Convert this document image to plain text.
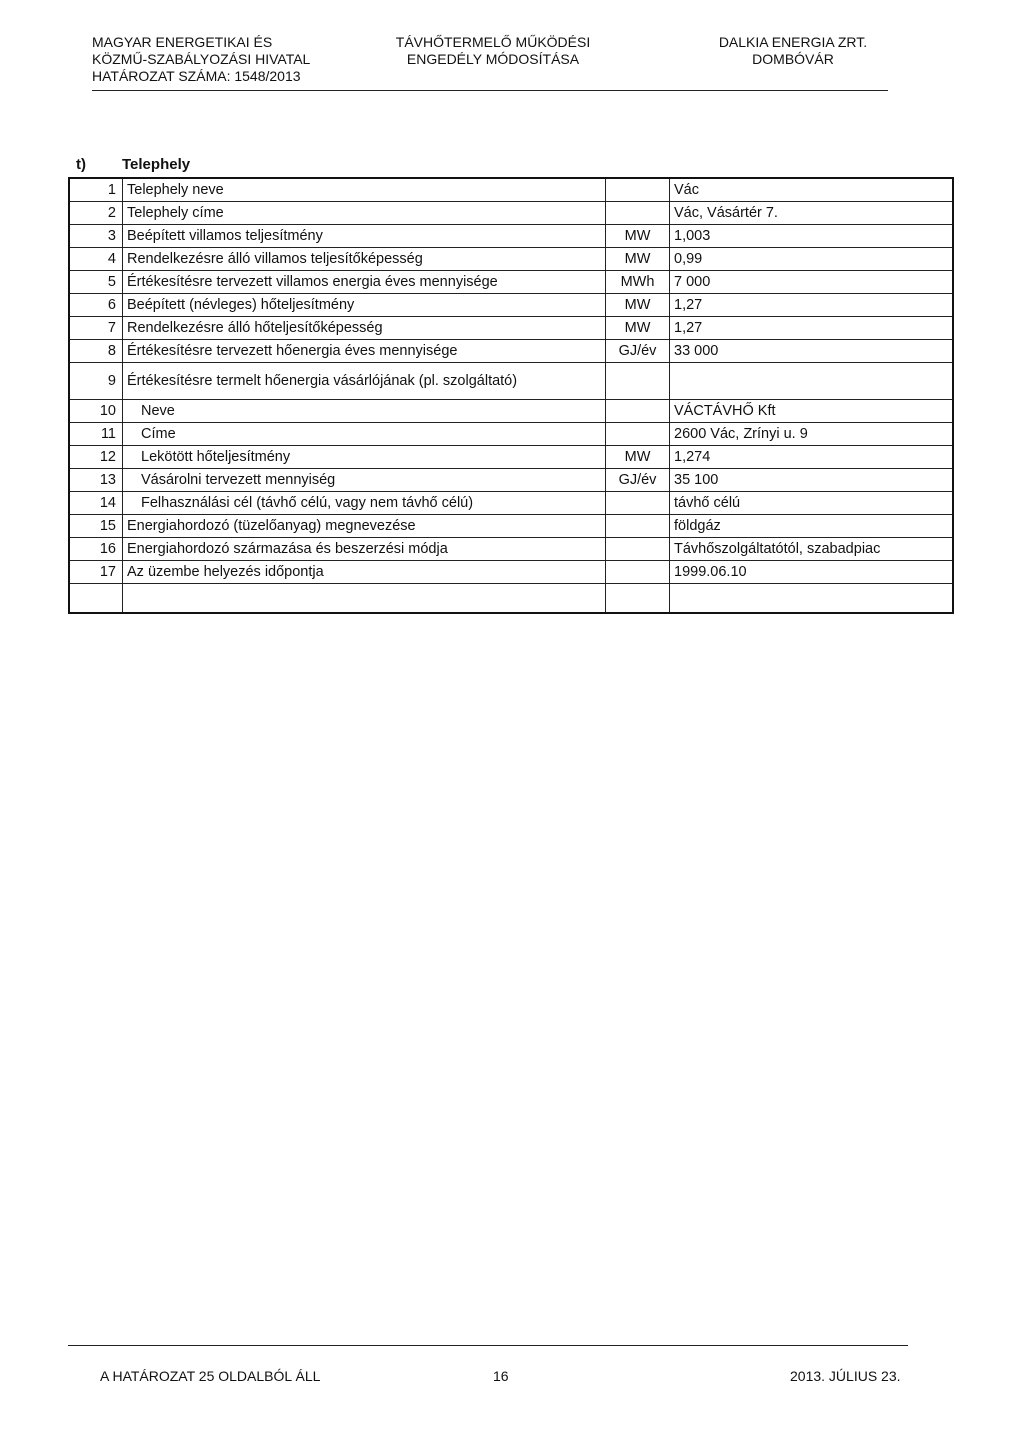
MAGYAR ENERGETIKAI ÉS
KÖZMŰ-SZABÁLYOZÁSI HIVATAL
HATÁROZAT SZÁMA: 1548/2013
TÁVHŐTERMELŐ MŰKÖDÉSI
ENGEDÉLY MÓDOSÍTÁSA
DALKIA ENERGIA ZRT.
DOMBÓVÁR
t) Telephely
1	Telephely neve		Vác
2	Telephely címe		Vác, Vásártér 7.
3	Beépített villamos teljesítmény	MW	1,003
4	Rendelkezésre álló villamos teljesítőképesség	MW	0,99
5	Értékesítésre tervezett villamos energia éves mennyisége	MWh	7 000
6	Beépített (névleges) hőteljesítmény	MW	1,27
7	Rendelkezésre álló hőteljesítőképesség	MW	1,27
8	Értékesítésre tervezett hőenergia éves mennyisége	GJ/év	33 000
9	Értékesítésre termelt hőenergia vásárlójának (pl. szolgáltató)		
10	Neve		VÁCTÁVHŐ Kft
11	Címe		2600 Vác, Zrínyi u. 9
12	Lekötött hőteljesítmény	MW	1,274
13	Vásárolni tervezett mennyiség	GJ/év	35 100
14	Felhasználási cél (távhő célú, vagy nem távhő célú)		távhő célú
15	Energiahordozó (tüzelőanyag) megnevezése		földgáz
16	Energiahordozó származása és beszerzési módja		Távhőszolgáltatótól, szabadpiac
17	Az üzembe helyezés időpontja		1999.06.10

A HATÁROZAT 25 OLDALBÓL ÁLL	16	2013. JÚLIUS 23.
